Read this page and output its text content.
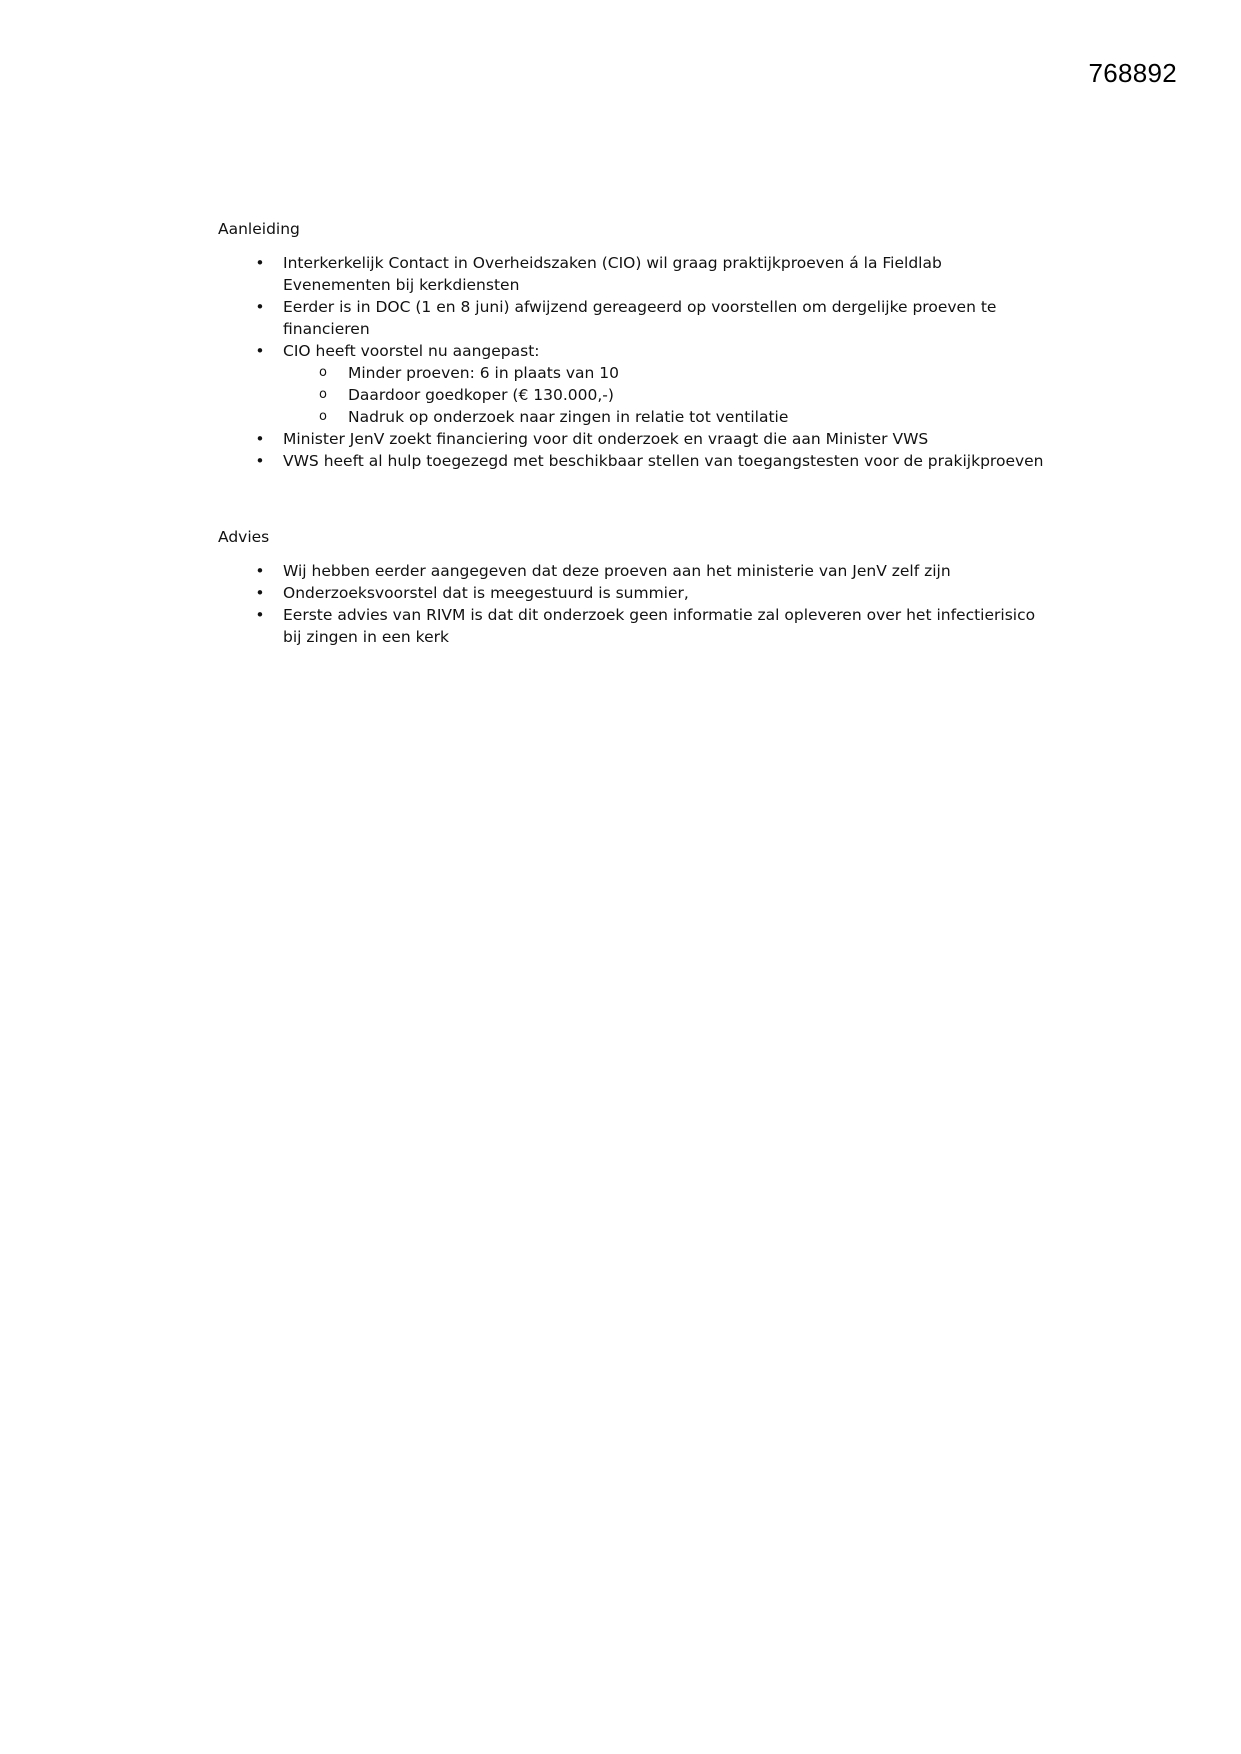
768892
Aanleiding
•	Interkerkelijk Contact in Overheidszaken (CIO) wil graag praktijkproeven á la Fieldlab Evenementen bij kerkdiensten
•	Eerder is in DOC (1 en 8 juni) afwijzend gereageerd op voorstellen om dergelijke proeven te financieren
•	CIO heeft voorstel nu aangepast:
o	Minder proeven: 6 in plaats van 10
o	Daardoor goedkoper (€ 130.000,-)
o	Nadruk op onderzoek naar zingen in relatie tot ventilatie
•	Minister JenV zoekt financiering voor dit onderzoek en vraagt die aan Minister VWS
•	VWS heeft al hulp toegezegd met beschikbaar stellen van toegangstesten voor de prakijkproeven
Advies
•	Wij hebben eerder aangegeven dat deze proeven aan het ministerie van JenV zelf zijn
•	Onderzoeksvoorstel dat is meegestuurd is summier,
•	Eerste advies van RIVM is dat dit onderzoek geen informatie zal opleveren over het infectierisico bij zingen in een kerk
